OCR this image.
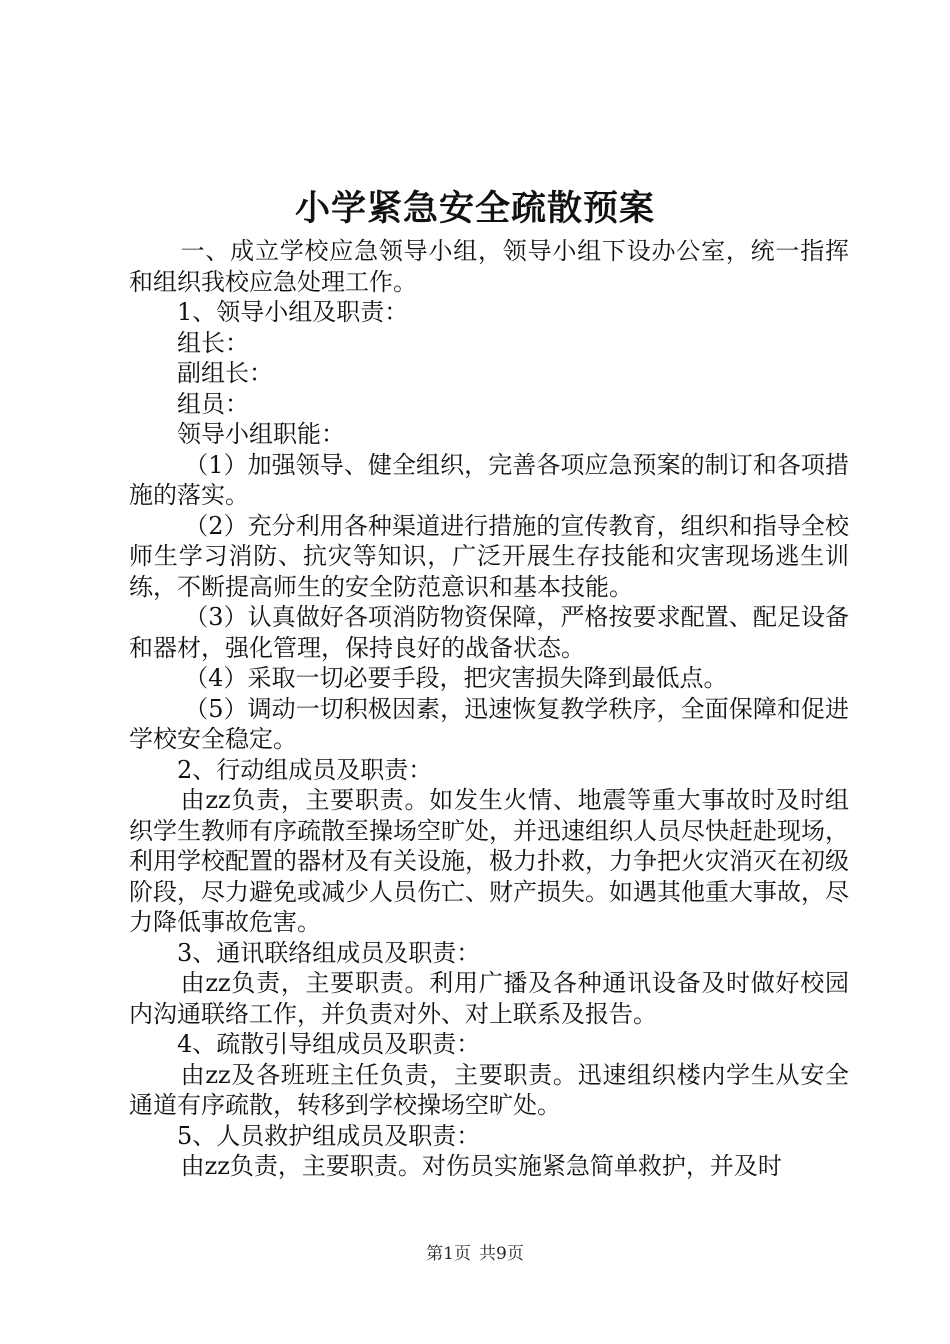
小学紧急安全疏散预案

一、成立学校应急领导小组，领导小组下设办公室，统一指挥和组织我校应急处理工作。

1、领导小组及职责：

组长：

副组长：

组员：

领导小组职能：

（1）加强领导、健全组织，完善各项应急预案的制订和各项措施的落实。

（2）充分利用各种渠道进行措施的宣传教育，组织和指导全校师生学习消防、抗灾等知识，广泛开展生存技能和灾害现场逃生训练，不断提高师生的安全防范意识和基本技能。

（3）认真做好各项消防物资保障，严格按要求配置、配足设备和器材，强化管理，保持良好的战备状态。

（4）采取一切必要手段，把灾害损失降到最低点。

（5）调动一切积极因素，迅速恢复教学秩序，全面保障和促进学校安全稳定。

2、行动组成员及职责：

由zz负责，主要职责。如发生火情、地震等重大事故时及时组织学生教师有序疏散至操场空旷处，并迅速组织人员尽快赶赴现场，利用学校配置的器材及有关设施，极力扑救，力争把火灾消灭在初级阶段，尽力避免或减少人员伤亡、财产损失。如遇其他重大事故，尽力降低事故危害。

3、通讯联络组成员及职责：

由zz负责，主要职责。利用广播及各种通讯设备及时做好校园内沟通联络工作，并负责对外、对上联系及报告。

4、疏散引导组成员及职责：

由zz及各班班主任负责，主要职责。迅速组织楼内学生从安全通道有序疏散，转移到学校操场空旷处。

5、人员救护组成员及职责：

由zz负责，主要职责。对伤员实施紧急简单救护，并及时

第1页 共9页
